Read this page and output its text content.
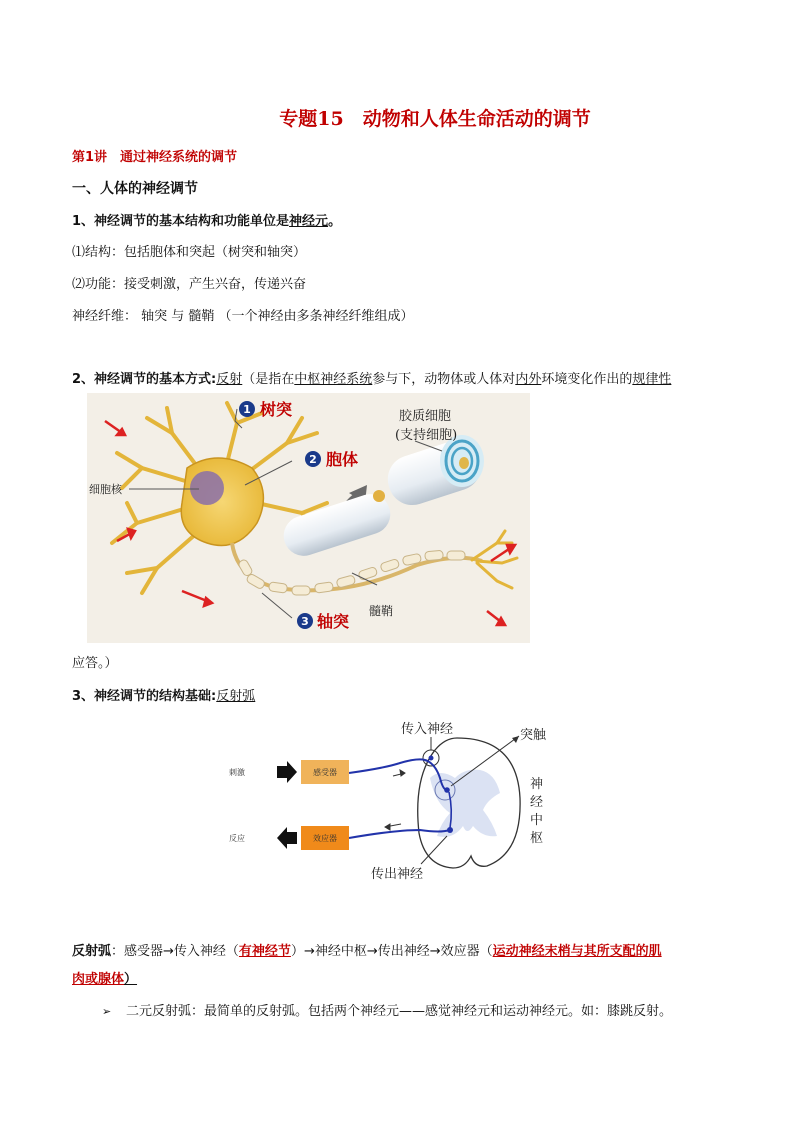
专题15　动物和人体生命活动的调节
第1讲　通过神经系统的调节
一、人体的神经调节
1、神经调节的基本结构和功能单位是神经元。
⑴结构：包括胞体和突起（树突和轴突）
⑵功能：接受刺激，产生兴奋，传递兴奋
神经纤维： 轴突 与 髓鞘 （一个神经由多条神经纤维组成）
2、神经调节的基本方式:反射（是指在中枢神经系统参与下，动物体或人体对内外环境变化作出的规律性
1 树突
2 胞体
细胞核
胶质细胞
(支持细胞)
3 轴突
髓鞘
应答。）
3、神经调节的结构基础:反射弧
感受器
效应器
刺激
反应
传入神经	突触
神
经
中
枢
传出神经
反射弧：感受器→传入神经（有神经节）→神经中枢→传出神经→效应器（运动神经末梢与其所支配的肌
肉或腺体）
➢ 二元反射弧：最简单的反射弧。包括两个神经元——感觉神经元和运动神经元。如：膝跳反射。
